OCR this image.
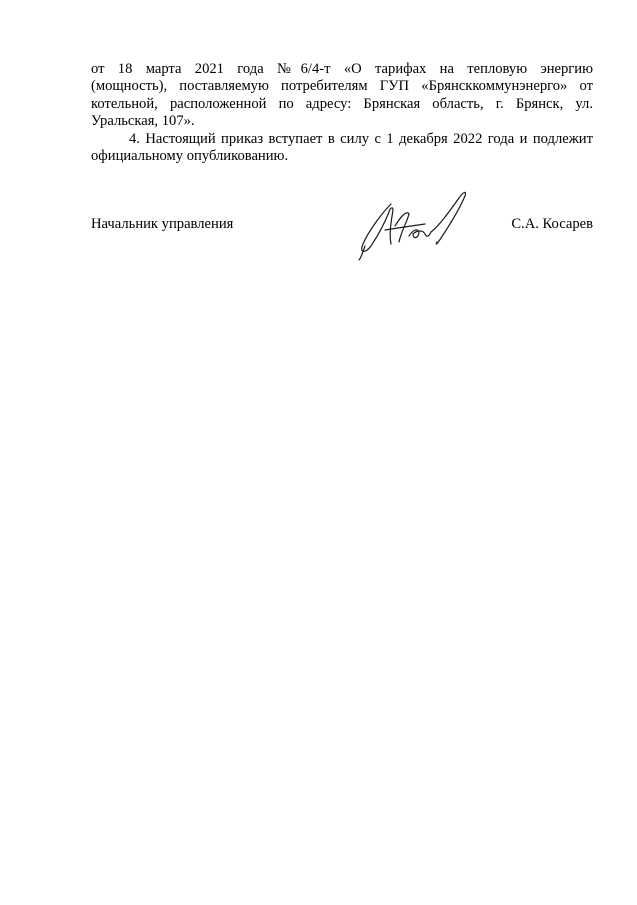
от 18 марта 2021 года №6/4-т «О тарифах на тепловую энергию
(мощность), поставляемую потребителям ГУП «Брянсккоммунэнерго» от
котельной, расположенной по адресу: Брянская область, г. Брянск, ул.
Уральская, 107».

4. Настоящий приказ вступает в силу с 1 декабря 2022 года и подлежит
официальному опубликованию.

Начальник управления	С.А. Косарев
